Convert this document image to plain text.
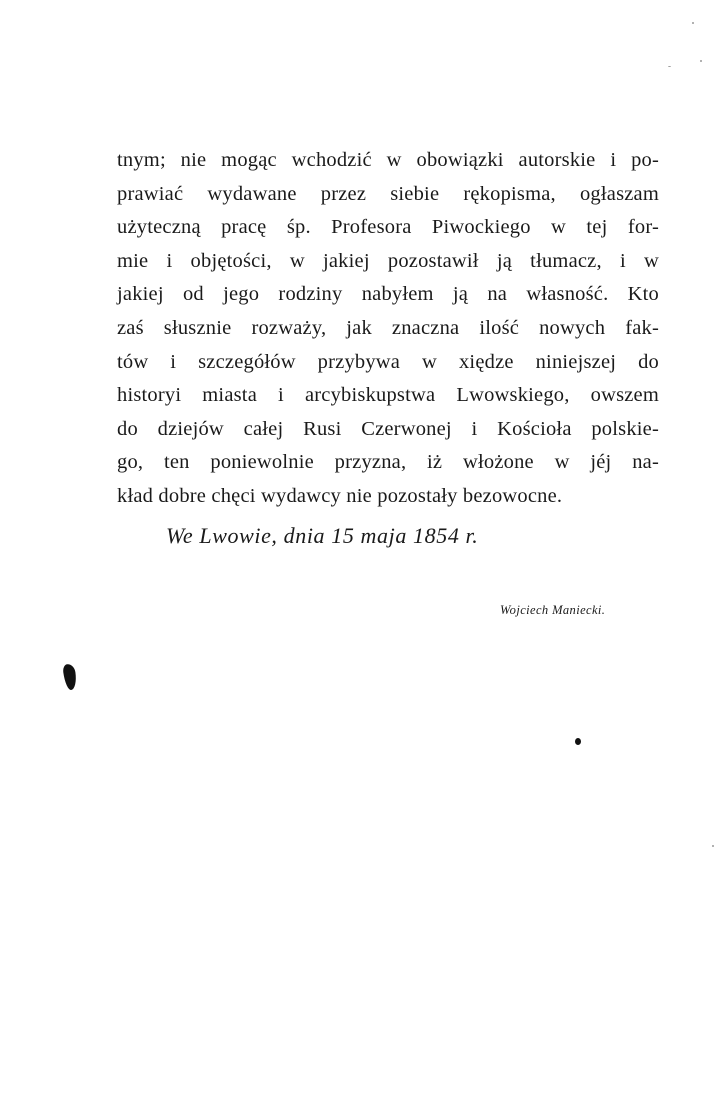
tnym; nie mogąc wchodzić w obowiązki autorskie i po-
prawiać wydawane przez siebie rękopisma, ogłaszam
użyteczną pracę śp. Profesora Piwockiego w tej for-
mie i objętości, w jakiej pozostawił ją tłumacz, i w
jakiej od jego rodziny nabyłem ją na własność. Kto
zaś słusznie rozważy, jak znaczna ilość nowych fak-
tów i szczegółów przybywa w xiędze niniejszej do
historyi miasta i arcybiskupstwa Lwowskiego, owszem
do dziejów całej Rusi Czerwonej i Kościoła polskie-
go, ten poniewolnie przyzna, iż włożone w jéj na-
kład dobre chęci wydawcy nie pozostały bezowocne.
We Lwowie, dnia 15 maja 1854 r.
Wojciech Maniecki.
